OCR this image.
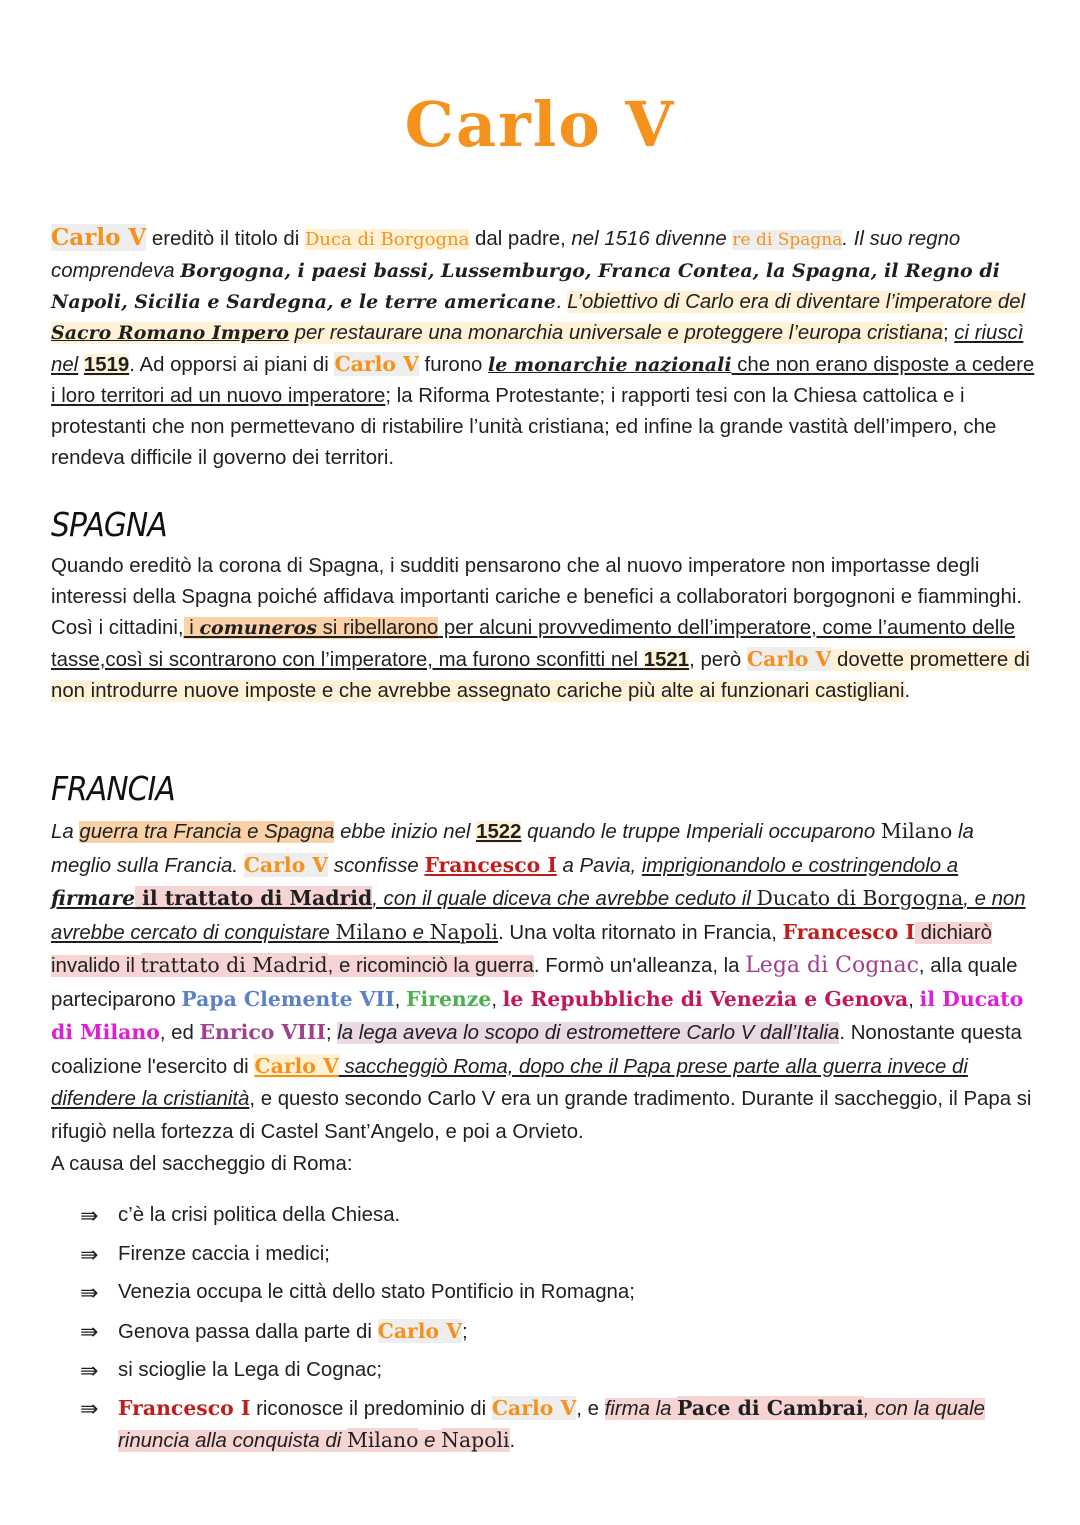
Carlo V
Carlo V ereditò il titolo di Duca di Borgogna dal padre, nel 1516 divenne re di Spagna. Il suo regno comprendeva Borgogna, i paesi bassi, Lussemburgo, Franca Contea, la Spagna, il Regno di Napoli, Sicilia e Sardegna, e le terre americane. L’obiettivo di Carlo era di diventare l’imperatore del Sacro Romano Impero per restaurare una monarchia universale e proteggere l’europa cristiana; ci riuscì nel 1519. Ad opporsi ai piani di Carlo V furono le monarchie nazionali che non erano disposte a cedere i loro territori ad un nuovo imperatore; la Riforma Protestante; i rapporti tesi con la Chiesa cattolica e i protestanti che non permettevano di ristabilire l’unità cristiana; ed infine la grande vastità dell’impero, che rendeva difficile il governo dei territori.
SPAGNA
Quando ereditò la corona di Spagna, i sudditi pensarono che al nuovo imperatore non importasse degli interessi della Spagna poiché affidava importanti cariche e benefici a collaboratori borgognoni e fiamminghi. Così i cittadini, i comuneros si ribellarono per alcuni provvedimento dell’imperatore, come l’aumento delle tasse,così si scontrarono con l’imperatore, ma furono sconfitti nel 1521, però Carlo V dovette promettere di non introdurre nuove imposte e che avrebbe assegnato cariche più alte ai funzionari castigliani.
FRANCIA
La guerra tra Francia e Spagna ebbe inizio nel 1522 quando le truppe Imperiali occuparono Milano la meglio sulla Francia. Carlo V sconfisse Francesco I a Pavia, imprigionandolo e costringendolo a firmare il trattato di Madrid, con il quale diceva che avrebbe ceduto il Ducato di Borgogna, e non avrebbe cercato di conquistare Milano e Napoli. Una volta ritornato in Francia, Francesco I dichiarò invalido il trattato di Madrid, e ricominciò la guerra. Formò un'alleanza, la Lega di Cognac, alla quale parteciparono Papa Clemente VII, Firenze, le Repubbliche di Venezia e Genova, il Ducato di Milano, ed Enrico VIII; la lega aveva lo scopo di estromettere Carlo V dall’Italia. Nonostante questa coalizione l'esercito di Carlo V saccheggiò Roma, dopo che il Papa prese parte alla guerra invece di difendere la cristianità, e questo secondo Carlo V era un grande tradimento. Durante il saccheggio, il Papa si rifugiò nella fortezza di Castel Sant’Angelo, e poi a Orvieto.
A causa del saccheggio di Roma:
⇛ c’è la crisi politica della Chiesa.
⇛ Firenze caccia i medici;
⇛ Venezia occupa le città dello stato Pontificio in Romagna;
⇛ Genova passa dalla parte di Carlo V;
⇛ si scioglie la Lega di Cognac;
⇛ Francesco I riconosce il predominio di Carlo V, e firma la Pace di Cambrai, con la quale rinuncia alla conquista di Milano e Napoli.
